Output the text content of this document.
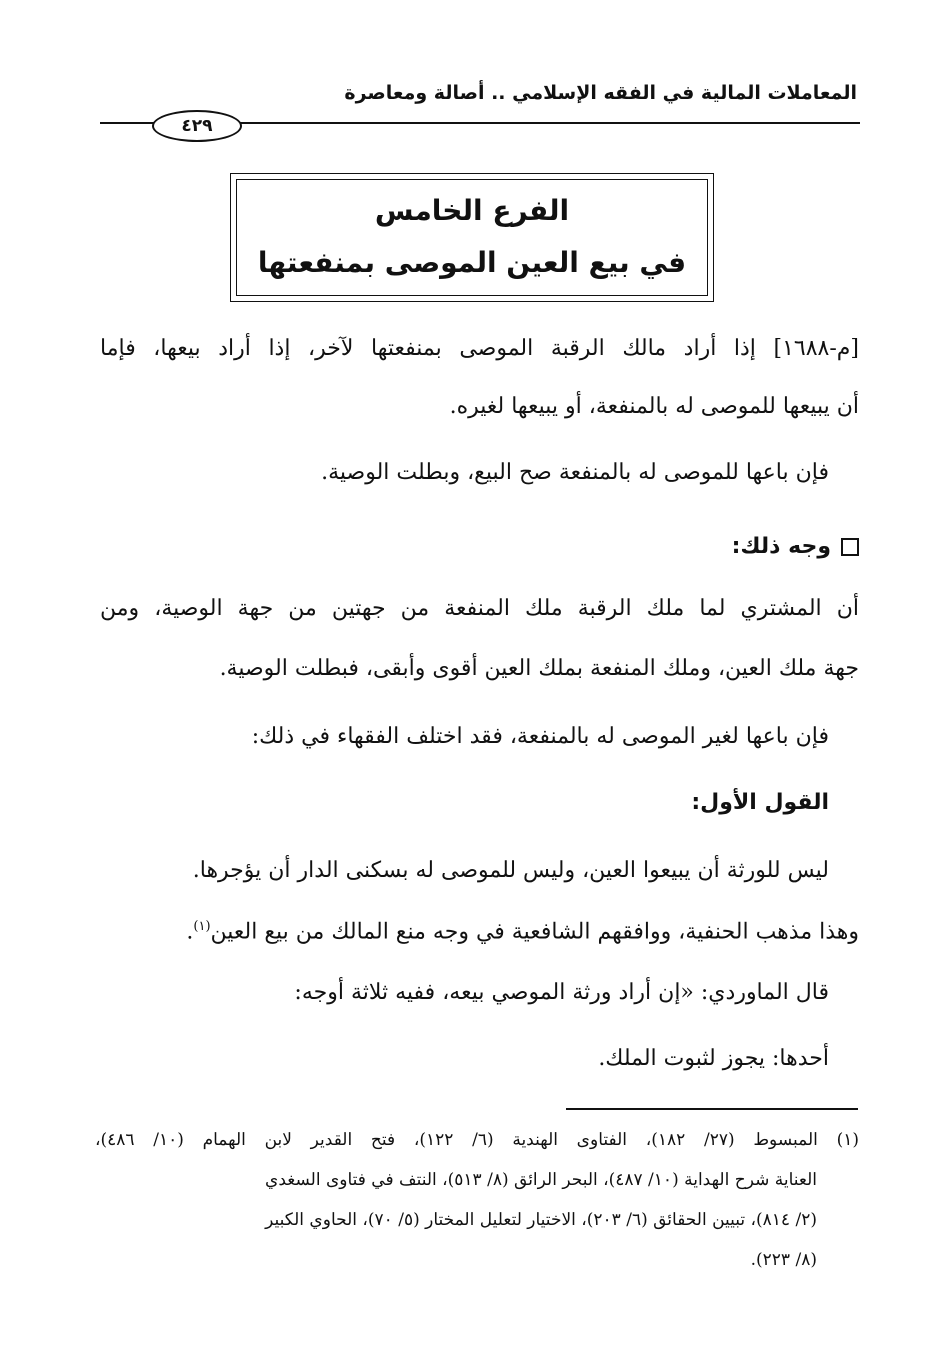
المعاملات المالية في الفقه الإسلامي .. أصالة ومعاصرة
٤٢٩
الفرع الخامس
في بيع العين الموصى بمنفعتها
[م-١٦٨٨] إذا أراد مالك الرقبة الموصى بمنفعتها لآخر، إذا أراد بيعها، فإما
أن يبيعها للموصى له بالمنفعة، أو يبيعها لغيره.
فإن باعها للموصى له بالمنفعة صح البيع، وبطلت الوصية.
وجه ذلك:
أن المشتري لما ملك الرقبة ملك المنفعة من جهتين من جهة الوصية، ومن
جهة ملك العين، وملك المنفعة بملك العين أقوى وأبقى، فبطلت الوصية.
فإن باعها لغير الموصى له بالمنفعة، فقد اختلف الفقهاء في ذلك:
القول الأول:
ليس للورثة أن يبيعوا العين، وليس للموصى له بسكنى الدار أن يؤجرها.
وهذا مذهب الحنفية، ووافقهم الشافعية في وجه منع المالك من بيع العين$^{(١)}$.
قال الماوردي: «إن أراد ورثة الموصي بيعه، ففيه ثلاثة أوجه:
أحدها: يجوز لثبوت الملك.
(١) المبسوط (٢٧/ ١٨٢)، الفتاوى الهندية (٦/ ١٢٢)، فتح القدير لابن الهمام (١٠/ ٤٨٦)،
العناية شرح الهداية (١٠/ ٤٨٧)، البحر الرائق (٨/ ٥١٣)، النتف في فتاوى السغدي
(٢/ ٨١٤)، تبيين الحقائق (٦/ ٢٠٣)، الاختيار لتعليل المختار (٥/ ٧٠)، الحاوي الكبير
(٨/ ٢٢٣).
